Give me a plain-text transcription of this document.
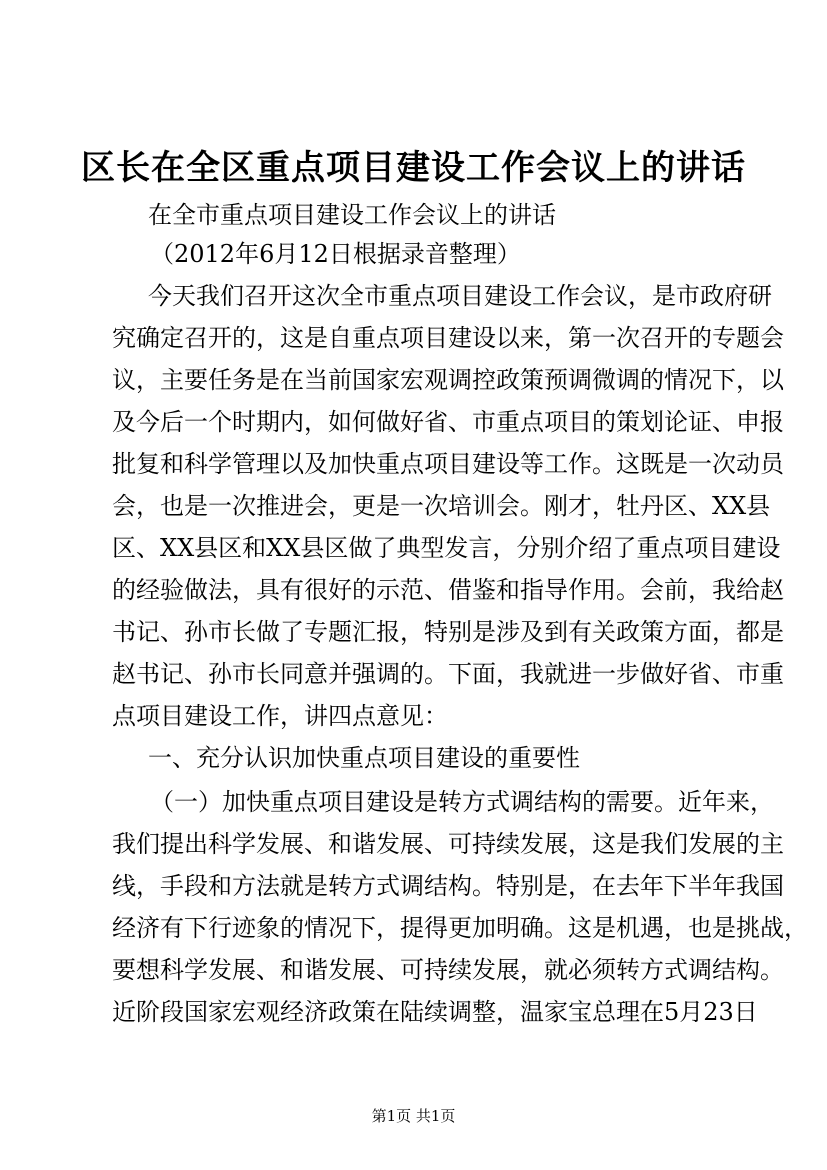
区长在全区重点项目建设工作会议上的讲话
在全市重点项目建设工作会议上的讲话
（2012年6月12日根据录音整理）
今天我们召开这次全市重点项目建设工作会议，是市政府研
究确定召开的，这是自重点项目建设以来，第一次召开的专题会
议，主要任务是在当前国家宏观调控政策预调微调的情况下，以
及今后一个时期内，如何做好省、市重点项目的策划论证、申报
批复和科学管理以及加快重点项目建设等工作。这既是一次动员
会，也是一次推进会，更是一次培训会。刚才，牡丹区、XX县
区、XX县区和XX县区做了典型发言，分别介绍了重点项目建设
的经验做法，具有很好的示范、借鉴和指导作用。会前，我给赵
书记、孙市长做了专题汇报，特别是涉及到有关政策方面，都是
赵书记、孙市长同意并强调的。下面，我就进一步做好省、市重
点项目建设工作，讲四点意见：
一、充分认识加快重点项目建设的重要性
（一）加快重点项目建设是转方式调结构的需要。近年来，
我们提出科学发展、和谐发展、可持续发展，这是我们发展的主
线，手段和方法就是转方式调结构。特别是，在去年下半年我国
经济有下行迹象的情况下，提得更加明确。这是机遇，也是挑战，
要想科学发展、和谐发展、可持续发展，就必须转方式调结构。
近阶段国家宏观经济政策在陆续调整，温家宝总理在5月23日
第1页 共1页
